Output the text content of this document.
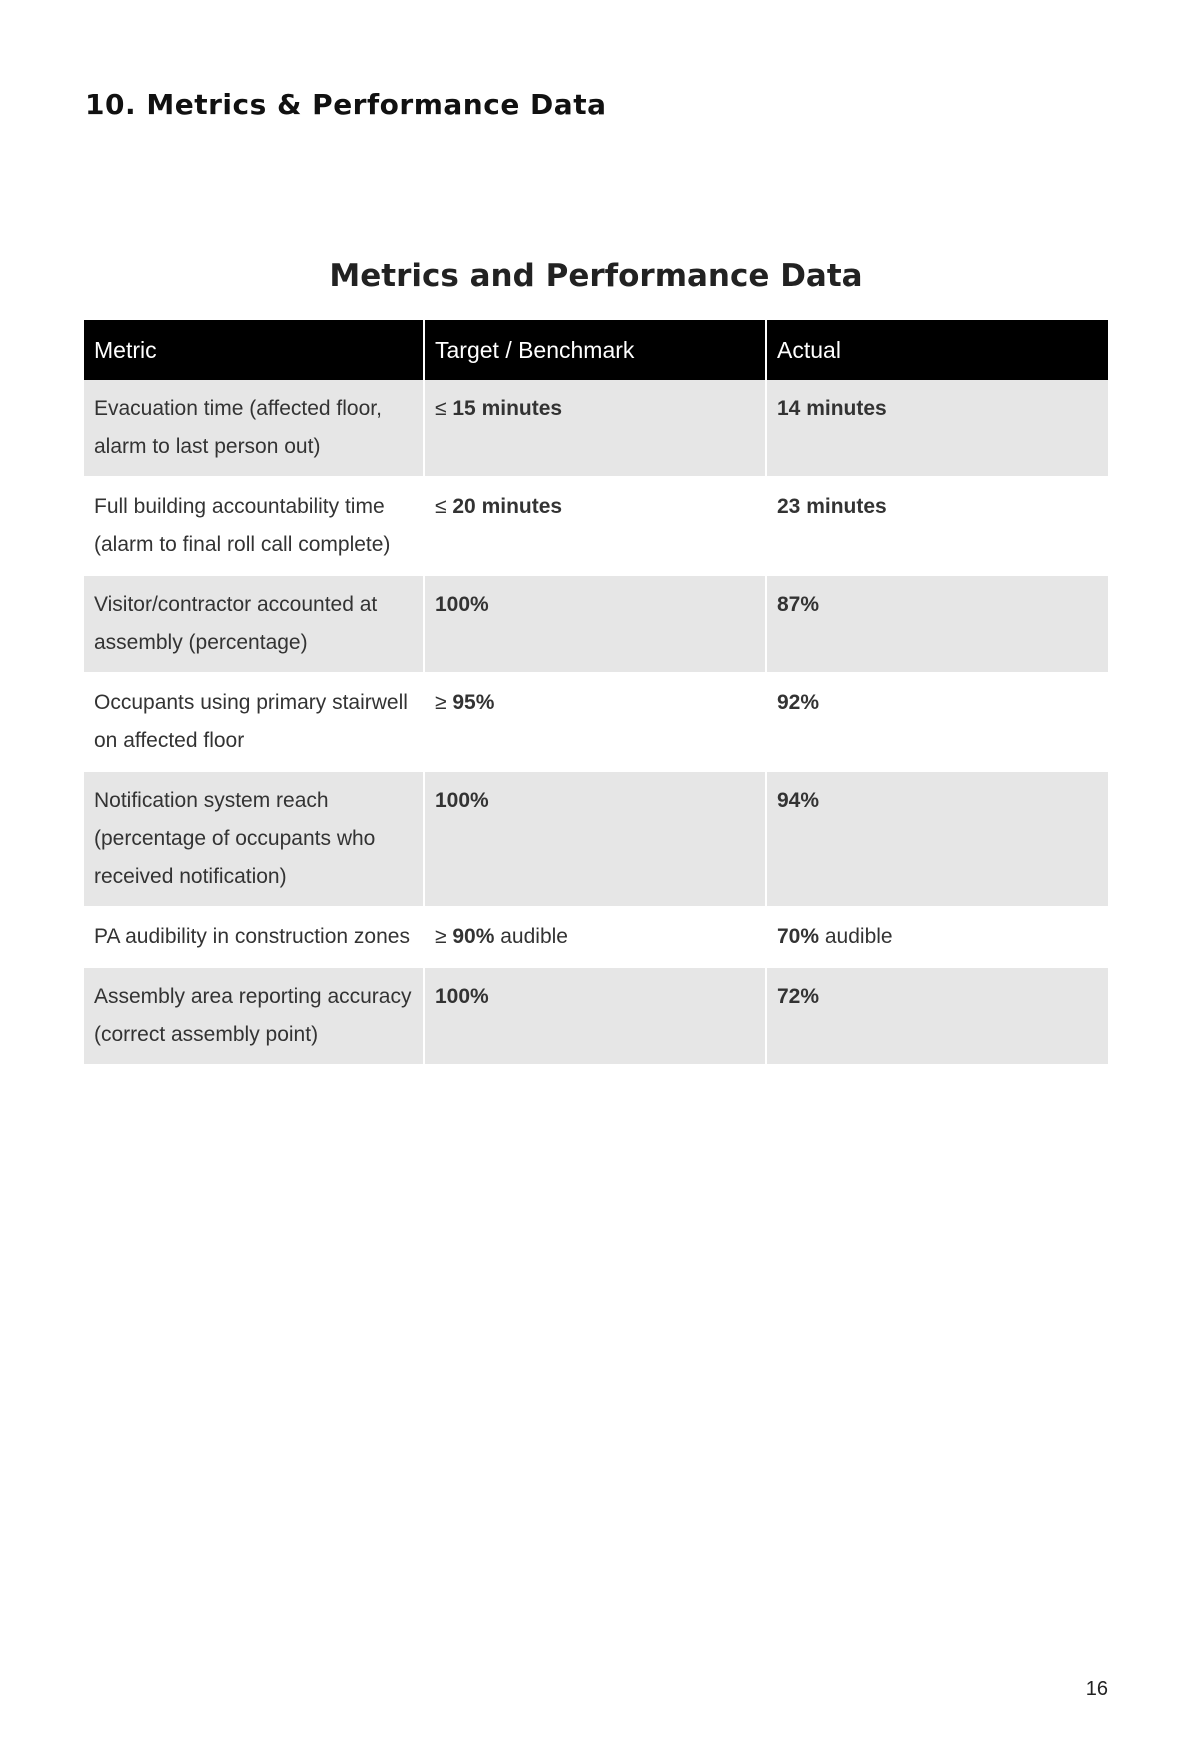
10. Metrics & Performance Data
Metrics and Performance Data
Metric	Target / Benchmark	Actual
Evacuation time (affected floor, alarm to last person out)	≤ 15 minutes	14 minutes
Full building accountability time (alarm to final roll call complete)	≤ 20 minutes	23 minutes
Visitor/contractor accounted at assembly (percentage)	100%	87%
Occupants using primary stairwell on affected floor	≥ 95%	92%
Notification system reach (percentage of occupants who received notification)	100%	94%
PA audibility in construction zones	≥ 90% audible	70% audible
Assembly area reporting accuracy (correct assembly point)	100%	72%
16
